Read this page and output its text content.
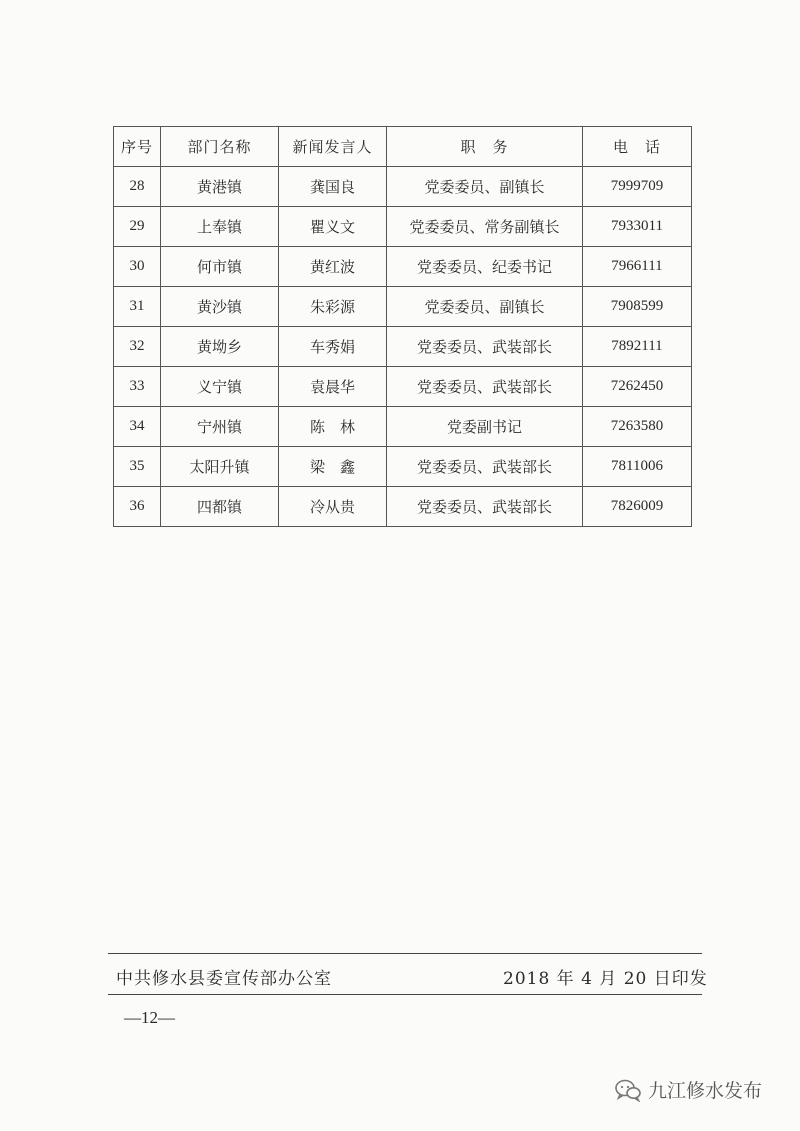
序号	部门名称	新闻发言人	职　务	电　话
28	黄港镇	龚国良	党委委员、副镇长	7999709
29	上奉镇	瞿义文	党委委员、常务副镇长	7933011
30	何市镇	黄红波	党委委员、纪委书记	7966111
31	黄沙镇	朱彩源	党委委员、副镇长	7908599
32	黄坳乡	车秀娟	党委委员、武装部长	7892111
33	义宁镇	袁晨华	党委委员、武装部长	7262450
34	宁州镇	陈　林	党委副书记	7263580
35	太阳升镇	梁　鑫	党委委员、武装部长	7811006
36	四都镇	冷从贵	党委委员、武装部长	7826009
中共修水县委宣传部办公室	2018 年 4 月 20 日印发
—12—
九江修水发布
